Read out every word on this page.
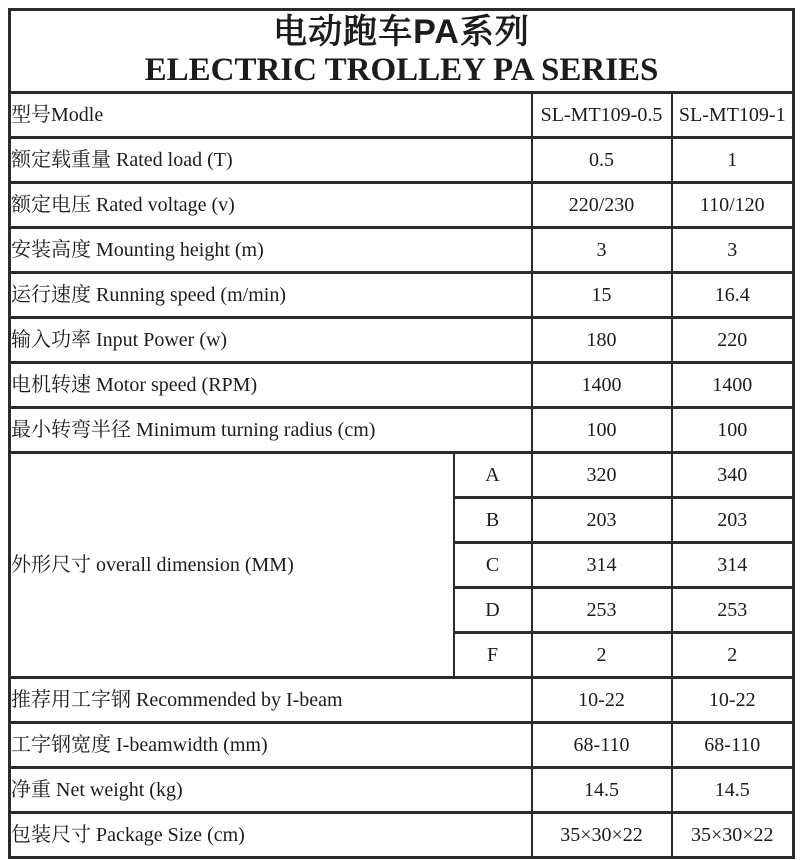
电动跑车PA系列
ELECTRIC TROLLEY PA SERIES			

型号Modle		SL-MT109-0.5	SL-MT109-1
额定载重量 Rated load (T)		0.5	1
额定电压 Rated voltage (v)		220/230	110/120
安装高度 Mounting height (m)		3	3
运行速度 Running speed (m/min)		15	16.4
输入功率 Input Power (w)		180	220
电机转速 Motor speed (RPM)		1400	1400
最小转弯半径 Minimum turning radius (cm)		100	100
外形尺寸 overall dimension (MM)	A	320	340
	B	203	203
	C	314	314
	D	253	253
	F	2	2
推荐用工字钢 Recommended by I-beam		10-22	10-22
工字钢宽度 I-beamwidth (mm)		68-110	68-110
净重 Net weight (kg)		14.5	14.5
包装尺寸 Package Size (cm)		35×30×22	35×30×22
